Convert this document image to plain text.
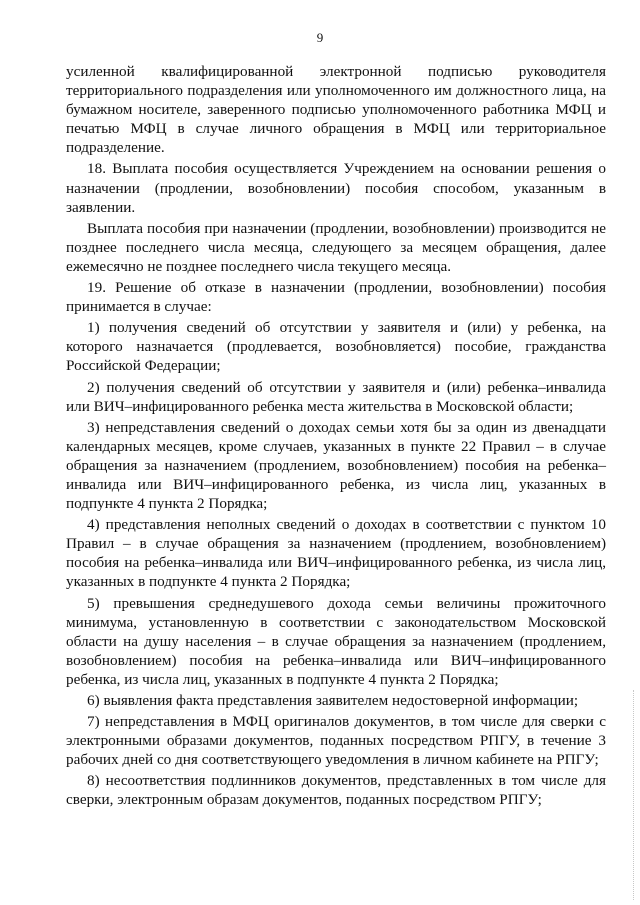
9

усиленной квалифицированной электронной подписью руководителя территориального подразделения или уполномоченного им должностного лица, на бумажном носителе, заверенного подписью уполномоченного работника МФЦ и печатью МФЦ в случае личного обращения в МФЦ или территориальное подразделение.

18. Выплата пособия осуществляется Учреждением на основании решения о назначении (продлении, возобновлении) пособия способом, указанным в заявлении.

Выплата пособия при назначении (продлении, возобновлении) производится не позднее последнего числа месяца, следующего за месяцем обращения, далее ежемесячно не позднее последнего числа текущего месяца.

19. Решение об отказе в назначении (продлении, возобновлении) пособия принимается в случае:

1) получения сведений об отсутствии у заявителя и (или) у ребенка, на которого назначается (продлевается, возобновляется) пособие, гражданства Российской Федерации;

2) получения сведений об отсутствии у заявителя и (или) ребенка–инвалида или ВИЧ–инфицированного ребенка места жительства в Московской области;

3) непредставления сведений о доходах семьи хотя бы за один из двенадцати календарных месяцев, кроме случаев, указанных в пункте 22 Правил – в случае обращения за назначением (продлением, возобновлением) пособия на ребенка–инвалида или ВИЧ–инфицированного ребенка, из числа лиц, указанных в подпункте 4 пункта 2 Порядка;

4) представления неполных сведений о доходах в соответствии с пунктом 10 Правил – в случае обращения за назначением (продлением, возобновлением) пособия на ребенка–инвалида или ВИЧ–инфицированного ребенка, из числа лиц, указанных в подпункте 4 пункта 2 Порядка;

5) превышения среднедушевого дохода семьи величины прожиточного минимума, установленную в соответствии с законодательством Московской области на душу населения – в случае обращения за назначением (продлением, возобновлением) пособия на ребенка–инвалида или ВИЧ–инфицированного ребенка, из числа лиц, указанных в подпункте 4 пункта 2 Порядка;

6) выявления факта представления заявителем недостоверной информации;

7) непредставления в МФЦ оригиналов документов, в том числе для сверки с электронными образами документов, поданных посредством РПГУ, в течение 3 рабочих дней со дня соответствующего уведомления в личном кабинете на РПГУ;

8) несоответствия подлинников документов, представленных в том числе для сверки, электронным образам документов, поданных посредством РПГУ;
